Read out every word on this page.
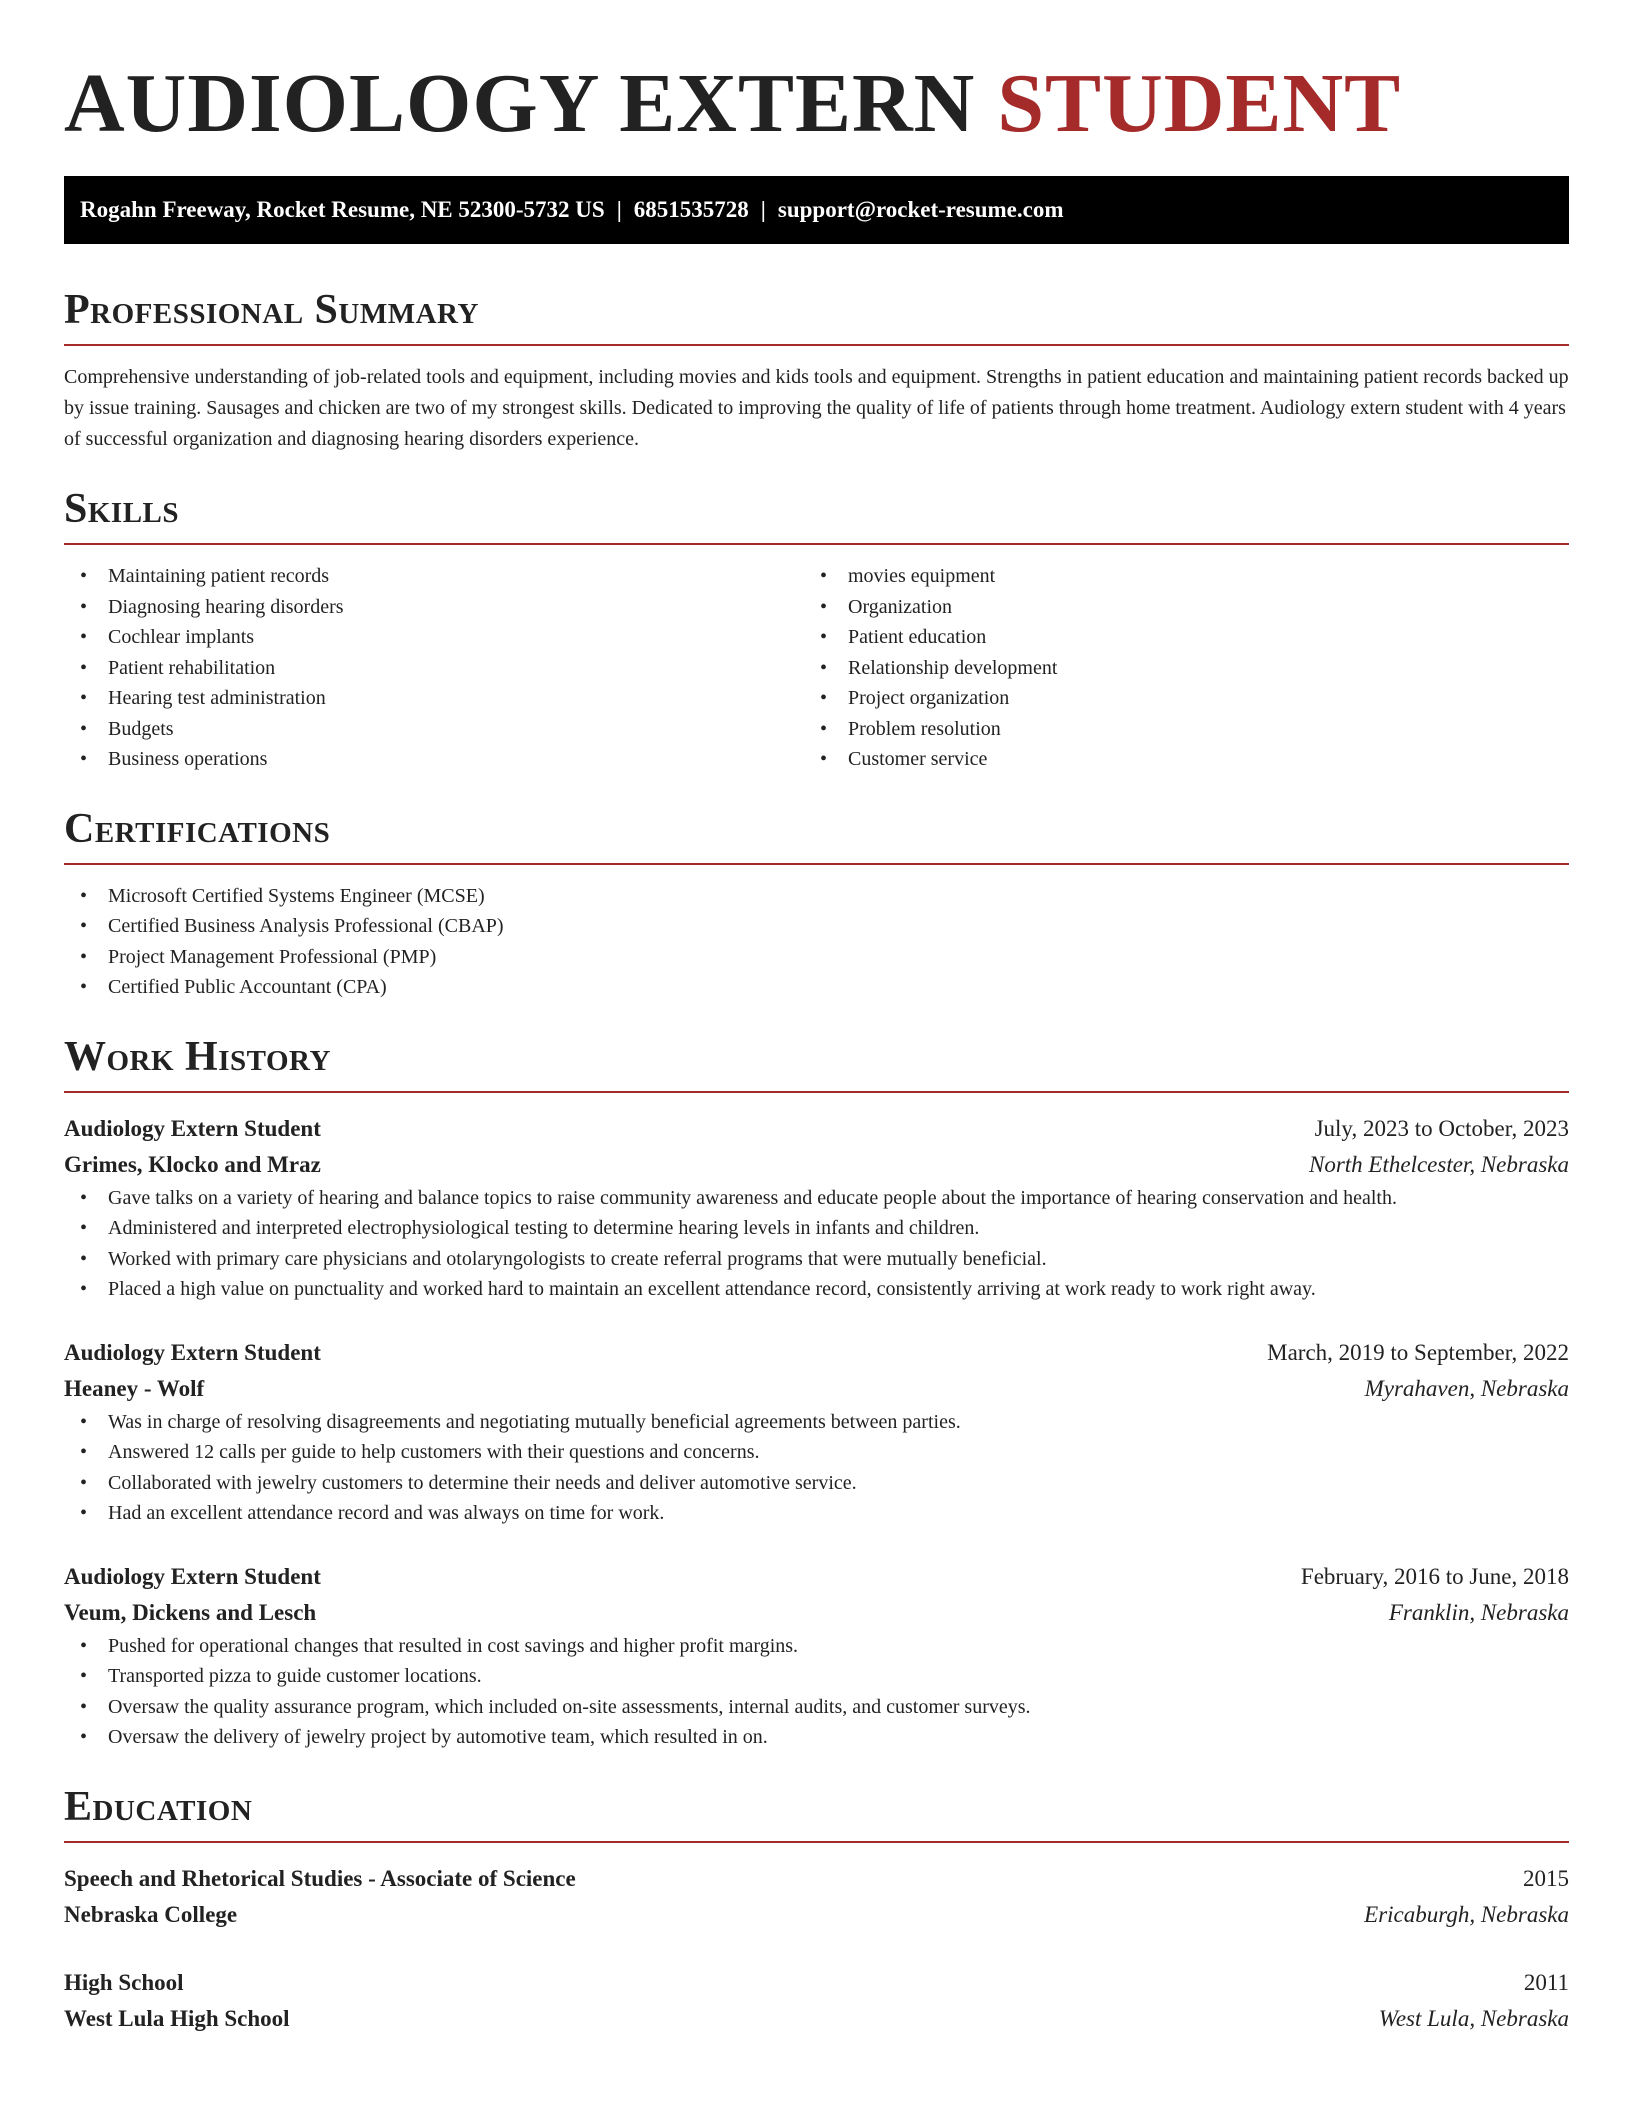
AUDIOLOGY EXTERN STUDENT
Rogahn Freeway, Rocket Resume, NE 52300-5732 US | 6851535728 | support@rocket-resume.com
Professional Summary

Comprehensive understanding of job-related tools and equipment, including movies and kids tools and equipment. Strengths in patient education and maintaining patient records backed up by issue training. Sausages and chicken are two of my strongest skills. Dedicated to improving the quality of life of patients through home treatment. Audiology extern student with 4 years of successful organization and diagnosing hearing disorders experience.

Skills
• Maintaining patient records
• Diagnosing hearing disorders
• Cochlear implants
• Patient rehabilitation
• Hearing test administration
• Budgets
• Business operations
• movies equipment
• Organization
• Patient education
• Relationship development
• Project organization
• Problem resolution
• Customer service
Certifications
• Microsoft Certified Systems Engineer (MCSE)
• Certified Business Analysis Professional (CBAP)
• Project Management Professional (PMP)
• Certified Public Accountant (CPA)
Work History
Audiology Extern Student	July, 2023 to October, 2023
Grimes, Klocko and Mraz	North Ethelcester, Nebraska
• Gave talks on a variety of hearing and balance topics to raise community awareness and educate people about the importance of hearing conservation and health.
• Administered and interpreted electrophysiological testing to determine hearing levels in infants and children.
• Worked with primary care physicians and otolaryngologists to create referral programs that were mutually beneficial.
• Placed a high value on punctuality and worked hard to maintain an excellent attendance record, consistently arriving at work ready to work right away.
Audiology Extern Student	March, 2019 to September, 2022
Heaney - Wolf	Myrahaven, Nebraska
• Was in charge of resolving disagreements and negotiating mutually beneficial agreements between parties.
• Answered 12 calls per guide to help customers with their questions and concerns.
• Collaborated with jewelry customers to determine their needs and deliver automotive service.
• Had an excellent attendance record and was always on time for work.
Audiology Extern Student	February, 2016 to June, 2018
Veum, Dickens and Lesch	Franklin, Nebraska
• Pushed for operational changes that resulted in cost savings and higher profit margins.
• Transported pizza to guide customer locations.
• Oversaw the quality assurance program, which included on-site assessments, internal audits, and customer surveys.
• Oversaw the delivery of jewelry project by automotive team, which resulted in on.
Education
Speech and Rhetorical Studies - Associate of Science	2015
Nebraska College	Ericaburgh, Nebraska
High School	2011
West Lula High School	West Lula, Nebraska
